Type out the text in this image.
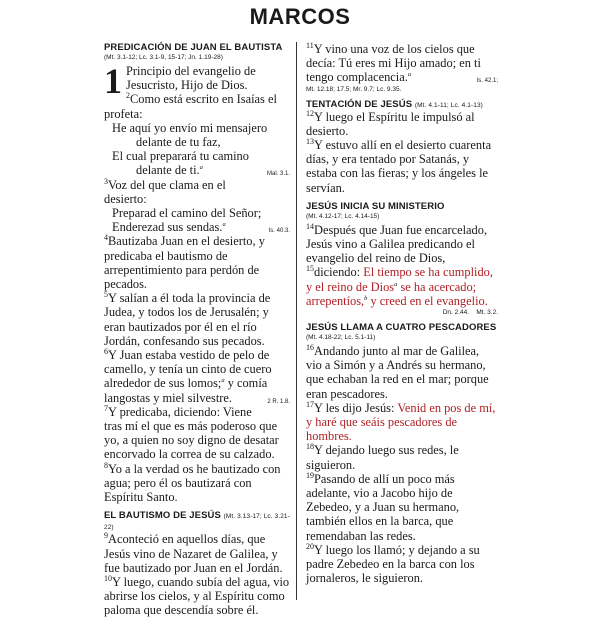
MARCOS
PREDICACIÓN DE JUAN EL BAUTISTA
(Mt. 3.1-12; Lc. 3.1-9, 15-17; Jn. 1.19-28)

1 Principio del evangelio de Jesucristo, Hijo de Dios.

$^2$Como está escrito en Isaías el profeta:

He aquí yo envío mi mensajero

delante de tu faz,

El cual preparará tu camino

delante de ti.$^a$
Mal. 3.1.

$^3$Voz del que clama en el desierto:

Preparad el camino del Señor;

Enderezad sus sendas.$^a$
Is. 40.3.

$^4$Bautizaba Juan en el desierto, y predicaba el bautismo de arrepentimiento para perdón de pecados.

$^5$Y salían a él toda la provincia de Judea, y todos los de Jerusalén; y eran bautizados por él en el río Jordán, confesando sus pecados.

$^6$Y Juan estaba vestido de pelo de camello, y tenía un cinto de cuero alrededor de sus lomos;$^a$ y comía langostas y miel silvestre.	2 R. 1.8.

$^7$Y predicaba, diciendo: Viene tras mí el que es más poderoso que yo, a quien no soy digno de desatar encorvado la correa de su calzado.

$^8$Yo a la verdad os he bautizado con agua; pero él os bautizará con Espíritu Santo.

EL BAUTISMO DE JESÚS (Mt. 3.13-17; Lc. 3.21-22)

$^9$Aconteció en aquellos días, que Jesús vino de Nazaret de Galilea, y fue bautizado por Juan en el Jordán.

$^{10}$Y luego, cuando subía del agua, vio abrirse los cielos, y al Espíritu como paloma que descendía sobre él.

$^{11}$Y vino una voz de los cielos que decía: Tú eres mi Hijo amado; en ti tengo complacencia.$^a$
Is. 42.1;

Mt. 12.18; 17.5; Mr. 9.7; Lc. 9.35.
TENTACIÓN DE JESÚS (Mt. 4.1-11; Lc. 4.1-13)

$^{12}$Y luego el Espíritu le impulsó al desierto.

$^{13}$Y estuvo allí en el desierto cuarenta días, y era tentado por Satanás, y estaba con las fieras; y los ángeles le servían.

JESÚS INICIA SU MINISTERIO
(Mt. 4.12-17; Lc. 4.14-15)

$^{14}$Después que Juan fue encarcelado, Jesús vino a Galilea predicando el evangelio del reino de Dios,

$^{15}$diciendo: El tiempo se ha cumplido, y el reino de Dios$^a$ se ha acercado; arrepentíos,$^b$ y creed en el evangelio.

Dn. 2.44. Mt. 3.2.
JESÚS LLAMA A CUATRO PESCADORES
(Mt. 4.18-22; Lc. 5.1-11)

$^{16}$Andando junto al mar de Galilea, vio a Simón y a Andrés su hermano, que echaban la red en el mar; porque eran pescadores.

$^{17}$Y les dijo Jesús: Venid en pos de mí, y haré que seáis pescadores de hombres.

$^{18}$Y dejando luego sus redes, le siguieron.

$^{19}$Pasando de allí un poco más adelante, vio a Jacobo hijo de Zebedeo, y a Juan su hermano, también ellos en la barca, que remendaban las redes.

$^{20}$Y luego los llamó; y dejando a su padre Zebedeo en la barca con los jornaleros, le siguieron.
